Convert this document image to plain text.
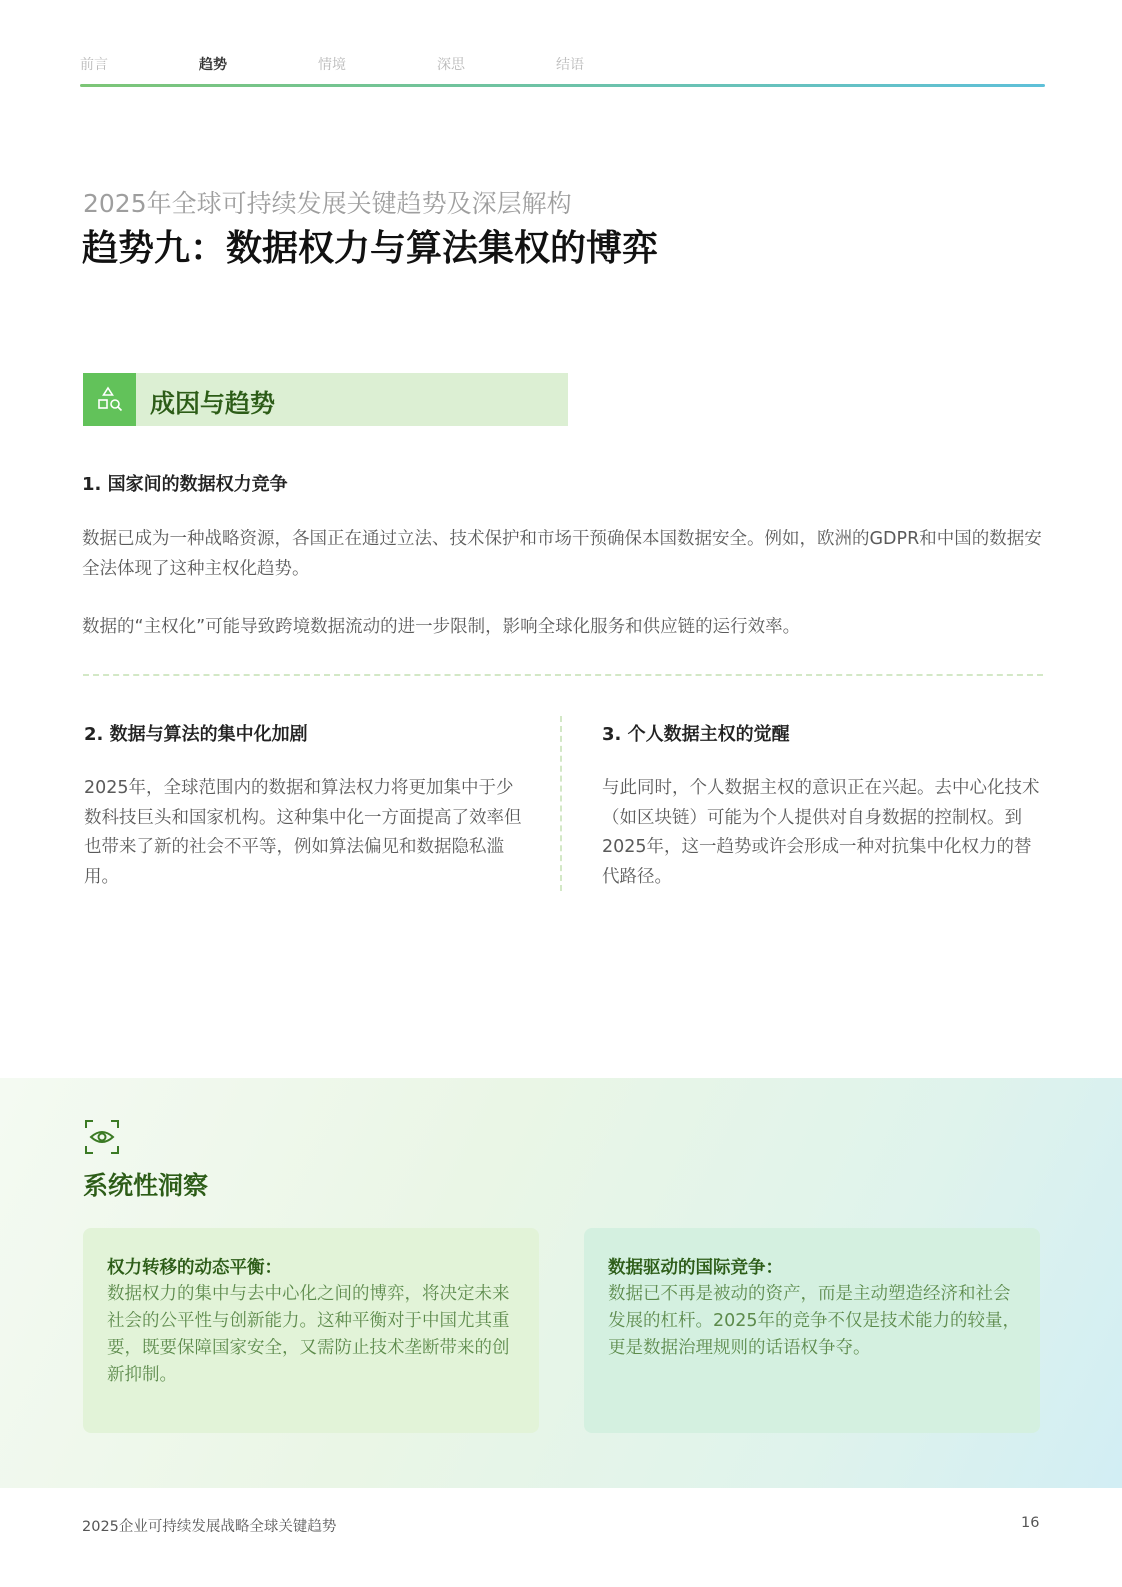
前言	趋势	情境	深思	结语
2025年全球可持续发展关键趋势及深层解构
趋势九：数据权力与算法集权的博弈
成因与趋势
1. 国家间的数据权力竞争
数据已成为一种战略资源，各国正在通过立法、技术保护和市场干预确保本国数据安全。例如，欧洲的GDPR和中国的数据安全法体现了这种主权化趋势。
数据的“主权化”可能导致跨境数据流动的进一步限制，影响全球化服务和供应链的运行效率。
2. 数据与算法的集中化加剧
2025年，全球范围内的数据和算法权力将更加集中于少数科技巨头和国家机构。这种集中化一方面提高了效率但也带来了新的社会不平等，例如算法偏见和数据隐私滥用。
3. 个人数据主权的觉醒
与此同时，个人数据主权的意识正在兴起。去中心化技术（如区块链）可能为个人提供对自身数据的控制权。到2025年，这一趋势或许会形成一种对抗集中化权力的替代路径。
系统性洞察
权力转移的动态平衡：
数据权力的集中与去中心化之间的博弈，将决定未来社会的公平性与创新能力。这种平衡对于中国尤其重要，既要保障国家安全，又需防止技术垄断带来的创新抑制。
数据驱动的国际竞争：
数据已不再是被动的资产，而是主动塑造经济和社会发展的杠杆。2025年的竞争不仅是技术能力的较量，更是数据治理规则的话语权争夺。
2025企业可持续发展战略全球关键趋势	16
